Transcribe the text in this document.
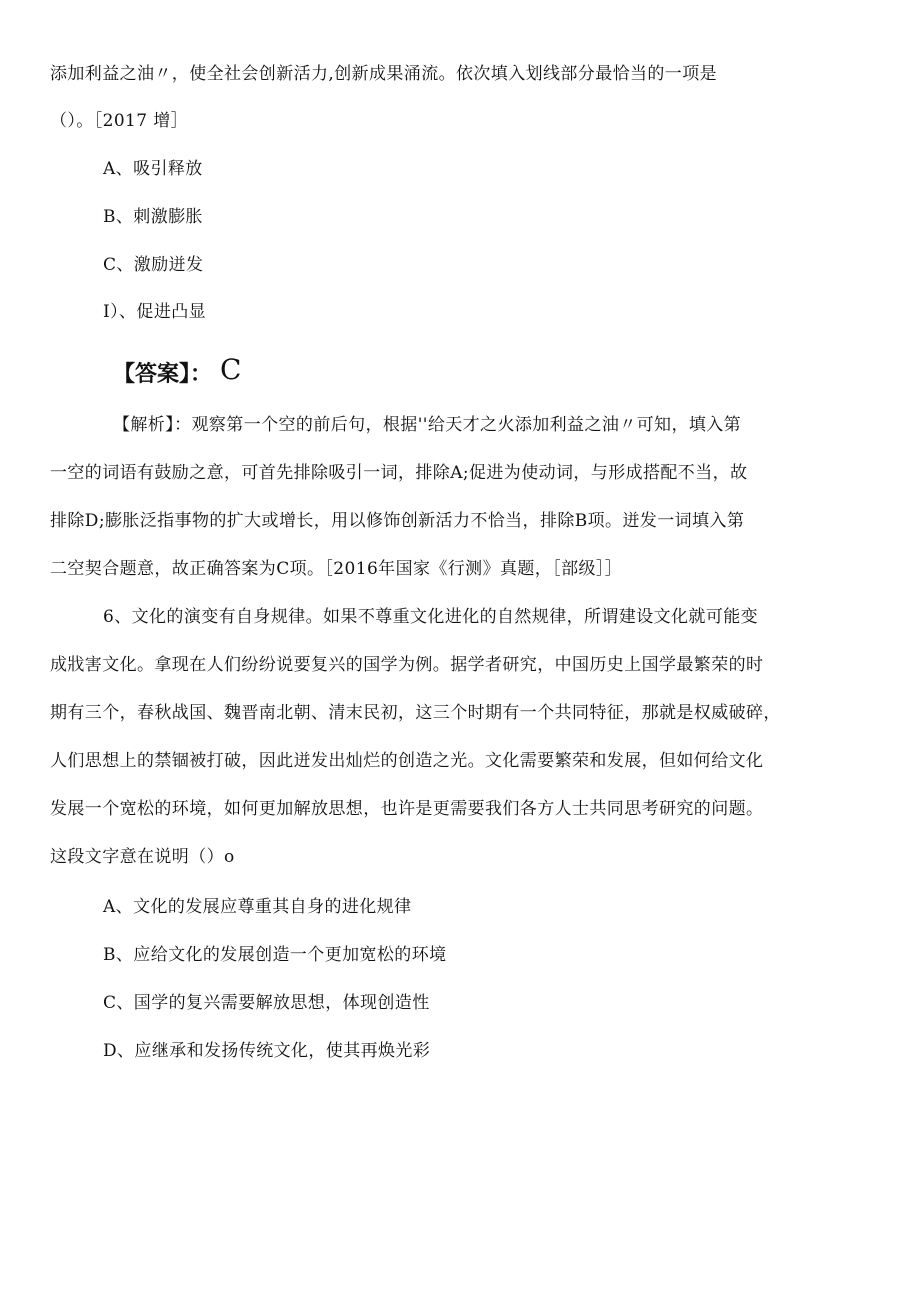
添加利益之油〃，使全社会创新活力,创新成果涌流。依次填入划线部分最恰当的一项是
（）。［2017 增］
A、吸引释放
B、刺激膨胀
C、激励迸发
I）、促进凸显
【答案】： C
【解析】：观察第一个空的前后句，根据''给天才之火添加利益之油〃可知，填入第
一空的词语有鼓励之意，可首先排除吸引一词，排除A;促进为使动词，与形成搭配不当，故
排除D;膨胀泛指事物的扩大或增长，用以修饰创新活力不恰当，排除B项。迸发一词填入第
二空契合题意，故正确答案为C项。［2016年国家《行测》真题，［部级］］
6、文化的演变有自身规律。如果不尊重文化进化的自然规律，所谓建设文化就可能变
成戕害文化。拿现在人们纷纷说要复兴的国学为例。据学者研究，中国历史上国学最繁荣的时
期有三个，春秋战国、魏晋南北朝、清末民初，这三个时期有一个共同特征，那就是权威破碎，
人们思想上的禁锢被打破，因此迸发出灿烂的创造之光。文化需要繁荣和发展，但如何给文化
发展一个宽松的环境，如何更加解放思想，也许是更需要我们各方人士共同思考研究的问题。
这段文字意在说明（）o
A、文化的发展应尊重其自身的进化规律
B、应给文化的发展创造一个更加宽松的环境
C、国学的复兴需要解放思想，体现创造性
D、应继承和发扬传统文化，使其再焕光彩
